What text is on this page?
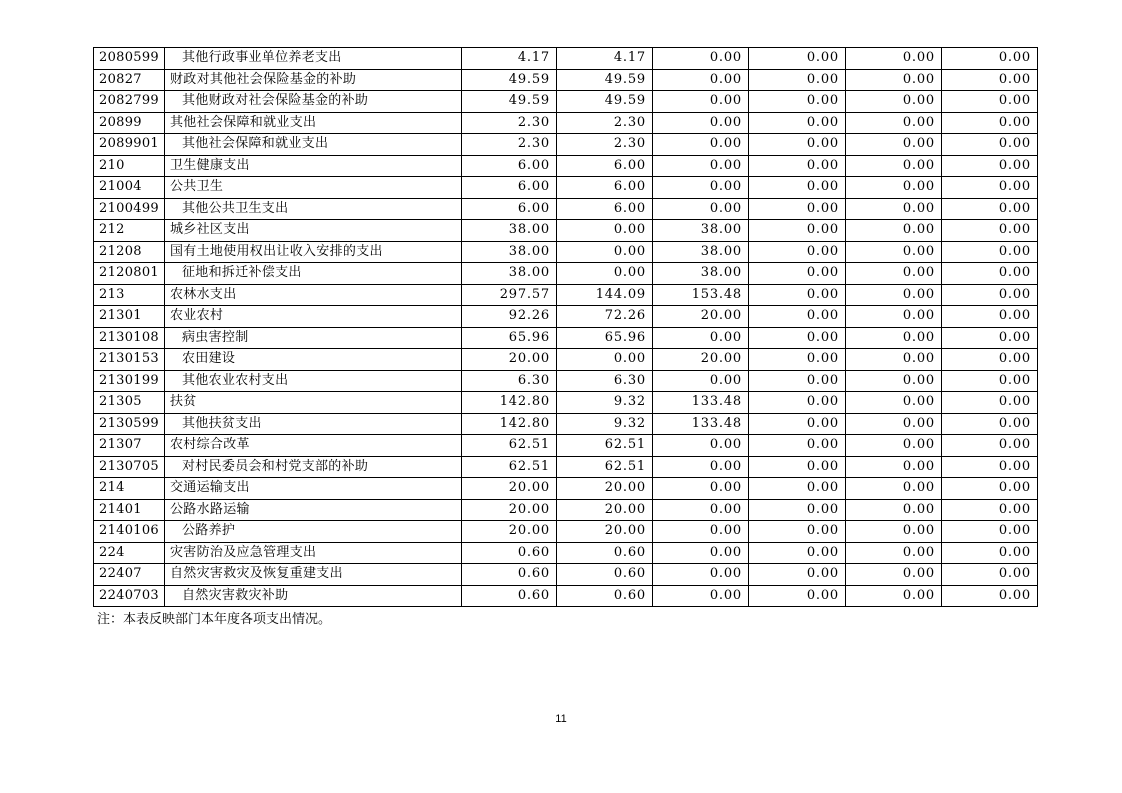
2080599	其他行政事业单位养老支出	4.17	4.17	0.00	0.00	0.00	0.00
20827	财政对其他社会保险基金的补助	49.59	49.59	0.00	0.00	0.00	0.00
2082799	其他财政对社会保险基金的补助	49.59	49.59	0.00	0.00	0.00	0.00
20899	其他社会保障和就业支出	2.30	2.30	0.00	0.00	0.00	0.00
2089901	其他社会保障和就业支出	2.30	2.30	0.00	0.00	0.00	0.00
210	卫生健康支出	6.00	6.00	0.00	0.00	0.00	0.00
21004	公共卫生	6.00	6.00	0.00	0.00	0.00	0.00
2100499	其他公共卫生支出	6.00	6.00	0.00	0.00	0.00	0.00
212	城乡社区支出	38.00	0.00	38.00	0.00	0.00	0.00
21208	国有土地使用权出让收入安排的支出	38.00	0.00	38.00	0.00	0.00	0.00
2120801	征地和拆迁补偿支出	38.00	0.00	38.00	0.00	0.00	0.00
213	农林水支出	297.57	144.09	153.48	0.00	0.00	0.00
21301	农业农村	92.26	72.26	20.00	0.00	0.00	0.00
2130108	病虫害控制	65.96	65.96	0.00	0.00	0.00	0.00
2130153	农田建设	20.00	0.00	20.00	0.00	0.00	0.00
2130199	其他农业农村支出	6.30	6.30	0.00	0.00	0.00	0.00
21305	扶贫	142.80	9.32	133.48	0.00	0.00	0.00
2130599	其他扶贫支出	142.80	9.32	133.48	0.00	0.00	0.00
21307	农村综合改革	62.51	62.51	0.00	0.00	0.00	0.00
2130705	对村民委员会和村党支部的补助	62.51	62.51	0.00	0.00	0.00	0.00
214	交通运输支出	20.00	20.00	0.00	0.00	0.00	0.00
21401	公路水路运输	20.00	20.00	0.00	0.00	0.00	0.00
2140106	公路养护	20.00	20.00	0.00	0.00	0.00	0.00
224	灾害防治及应急管理支出	0.60	0.60	0.00	0.00	0.00	0.00
22407	自然灾害救灾及恢复重建支出	0.60	0.60	0.00	0.00	0.00	0.00
2240703	自然灾害救灾补助	0.60	0.60	0.00	0.00	0.00	0.00
注：本表反映部门本年度各项支出情况。
11
